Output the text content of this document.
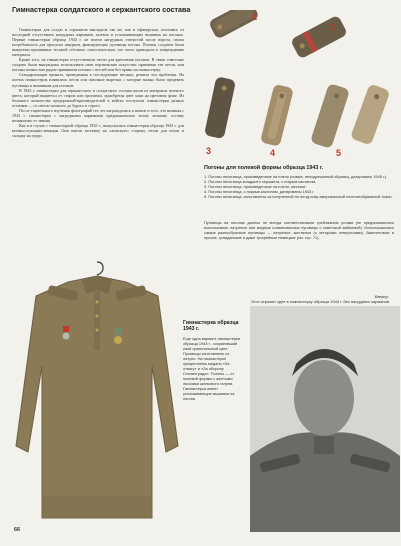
Гимнастерка солдатского и сержантского состава

Гимнастерка для солдат и сержантов выглядела так же, как и офицерская, отличаясь от последней отсутствием нагрудных карманов, шлевок и успокаивающих вышивок на погонах. Первые гимнастерки образца 1943 г. не имели нагрудных отверстий после ворота, своим потребовалось для пропуска шнурков, фиксирующих пуговицы погона. Погоны солдатов были выкроены пришивные тесьмой стёганые, самостоятельно, что часто приводило к повреждению материала.

Кроме того, на гимнастерке отсутствовали петли для крепления погонов. В связи советские солдаты были вынуждены использовать свои портновские искусства: пришивая эти петли, или погоны полностью рядом пришивали погоны с петлей или без прямо на гимнастерку.

Стандартизация приказа, проведенная в последующие месяцы, решила эти проблемы. На плечах гимнастерок появились петли или сквозные вырезки, с которые можно было продевать пуговицы к вышивкам для погонов.

В 1943 г. гимнастерки для сержантского и солдатского состава шили из материала зеленого цвета, который выцветал от стирок или пропитки, приобретая цвет хаки на цветовом фоне. Из большого количества предприятий-производителей в войска поступали гимнастерки разных оттенков — от светло-зеленого до бурого и серого.

После тщательного изучения фотографий тех лет награждались в начале и того, что начиная с 1943 г. гимнастерка с нагрудными карманами предназначалась всему личному составу независимо от звания.

Как и в случае с гимнастеркой образца 1935 г., выпускались гимнастерки образца 1943 г. для военнослужащих-женщин. Они имели застежку на «женскую» сторону, петли для погон и складку на груди.

1
2
3	4	5
Погоны для полевой формы образца 1943 г.
1. Погоны пехотинца, произведенные на плечо (новые, неподрезанный образец, датировано 1945 г.).
2. Погоны пехотинца-младшего сержанта, с покрыв кастином.
3. Погоны пехотинца, произведенные на плечо, жесткие.
4. Погоны пехотинца, с покрыв кастином, датированы 1943 г.
5. Погоны пехотинца, изготовлены из полученной по ленд-лизу американской хлопчатобумажной ткани.
Пуговицы на погонах далеко не всегда соответствовали требованию устава (не предписывалось использовать латунные или медные штампованные пуговицы с советской эмблемой). Использовались самые разнообразные пуговицы — латунные, жестяные (с четырьмя отверстиями), бакелитовые и прочие, гражданские и даже трофейные немецкие (см. стр. 71)
Вверху:
Этот сержант одет в гимнастерку образца 1943 г. без нагрудных карманов
Гимнастерка образца 1943 г.
Еще одна вариант гимнастерки образца 1943 г., сохранивший свой оригинальный цвет. Пуговицы изготовлены из латуни. На гимнастерке прикреплены медали «За отвагу» и «За оборону Сталинграда». Погоны — от полевой формы с желтыми лычками шелкового галуна. Гимнастерка имеет успокаивающие вышивки на погона
66
